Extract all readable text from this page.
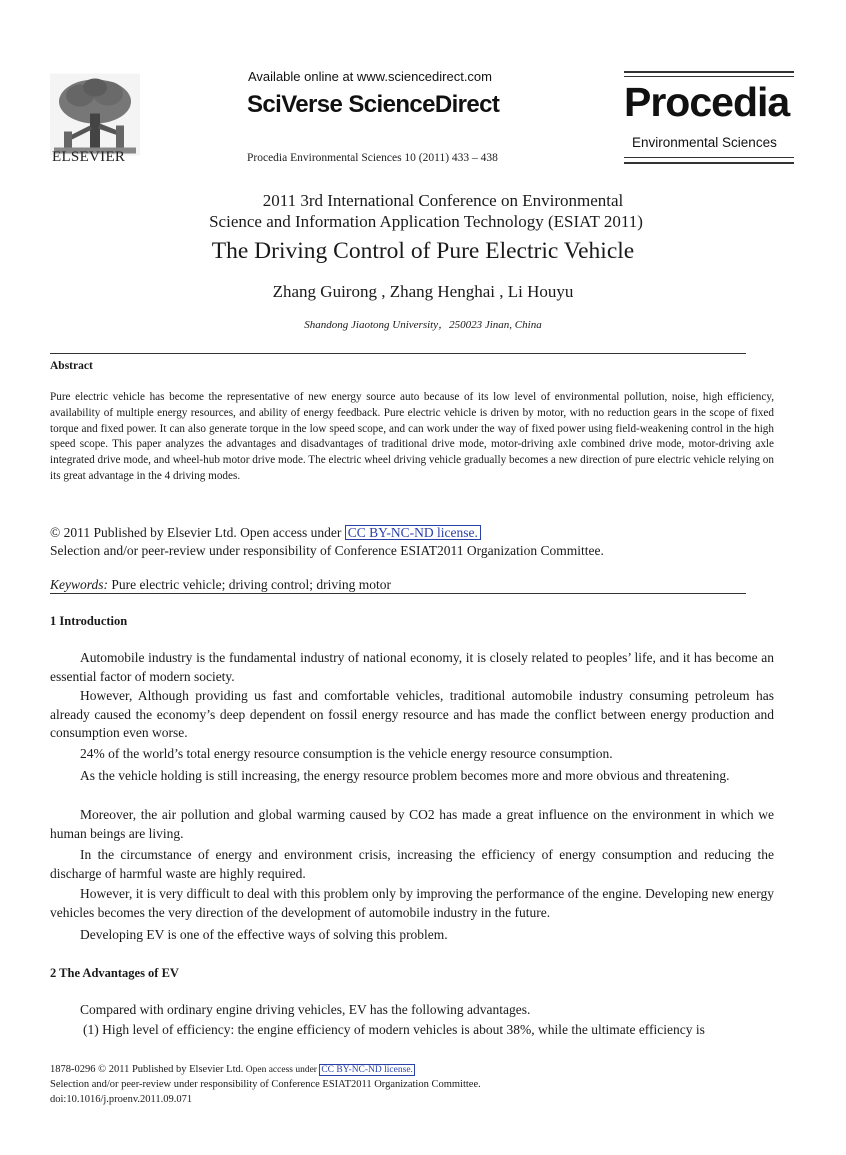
ELSEVIER
Available online at www.sciencedirect.com
SciVerse ScienceDirect
Procedia Environmental Sciences 10 (2011) 433 – 438
Procedia
Environmental Sciences
2011 3rd International Conference on Environmental
Science and Information Application Technology (ESIAT 2011)
The Driving Control of Pure Electric Vehicle
Zhang Guirong , Zhang Henghai , Li Houyu
Shandong Jiaotong University，250023 Jinan, China
Abstract
Pure electric vehicle has become the representative of new energy source auto because of its low level of environmental pollution, noise, high efficiency, availability of multiple energy resources, and ability of energy feedback. Pure electric vehicle is driven by motor, with no reduction gears in the scope of fixed torque and fixed power. It can also generate torque in the low speed scope, and can work under the way of fixed power using field-weakening control in the high speed scope. This paper analyzes the advantages and disadvantages of traditional drive mode, motor-driving axle combined drive mode, motor-driving axle integrated drive mode, and wheel-hub motor drive mode. The electric wheel driving vehicle gradually becomes a new direction of pure electric vehicle relying on its great advantage in the 4 driving modes.
© 2011 Published by Elsevier Ltd. Open access under CC BY-NC-ND license.
Selection and/or peer-review under responsibility of Conference ESIAT2011 Organization Committee.
Keywords: Pure electric vehicle; driving control; driving motor
1 Introduction
Automobile industry is the fundamental industry of national economy, it is closely related to peoples’ life, and it has become an essential factor of modern society.
However, Although providing us fast and comfortable vehicles, traditional automobile industry consuming petroleum has already caused the economy’s deep dependent on fossil energy resource and has made the conflict between energy production and consumption even worse.
24% of the world’s total energy resource consumption is the vehicle energy resource consumption.
As the vehicle holding is still increasing, the energy resource problem becomes more and more obvious and threatening.
Moreover, the air pollution and global warming caused by CO2 has made a great influence on the environment in which we human beings are living.
In the circumstance of energy and environment crisis, increasing the efficiency of energy consumption and reducing the discharge of harmful waste are highly required.
However, it is very difficult to deal with this problem only by improving the performance of the engine. Developing new energy vehicles becomes the very direction of the development of automobile industry in the future.
Developing EV is one of the effective ways of solving this problem.
2 The Advantages of EV
Compared with ordinary engine driving vehicles, EV has the following advantages.
(1) High level of efficiency: the engine efficiency of modern vehicles is about 38%, while the ultimate efficiency is
1878-0296 © 2011 Published by Elsevier Ltd. Open access under CC BY-NC-ND license.
Selection and/or peer-review under responsibility of Conference ESIAT2011 Organization Committee.
doi:10.1016/j.proenv.2011.09.071
